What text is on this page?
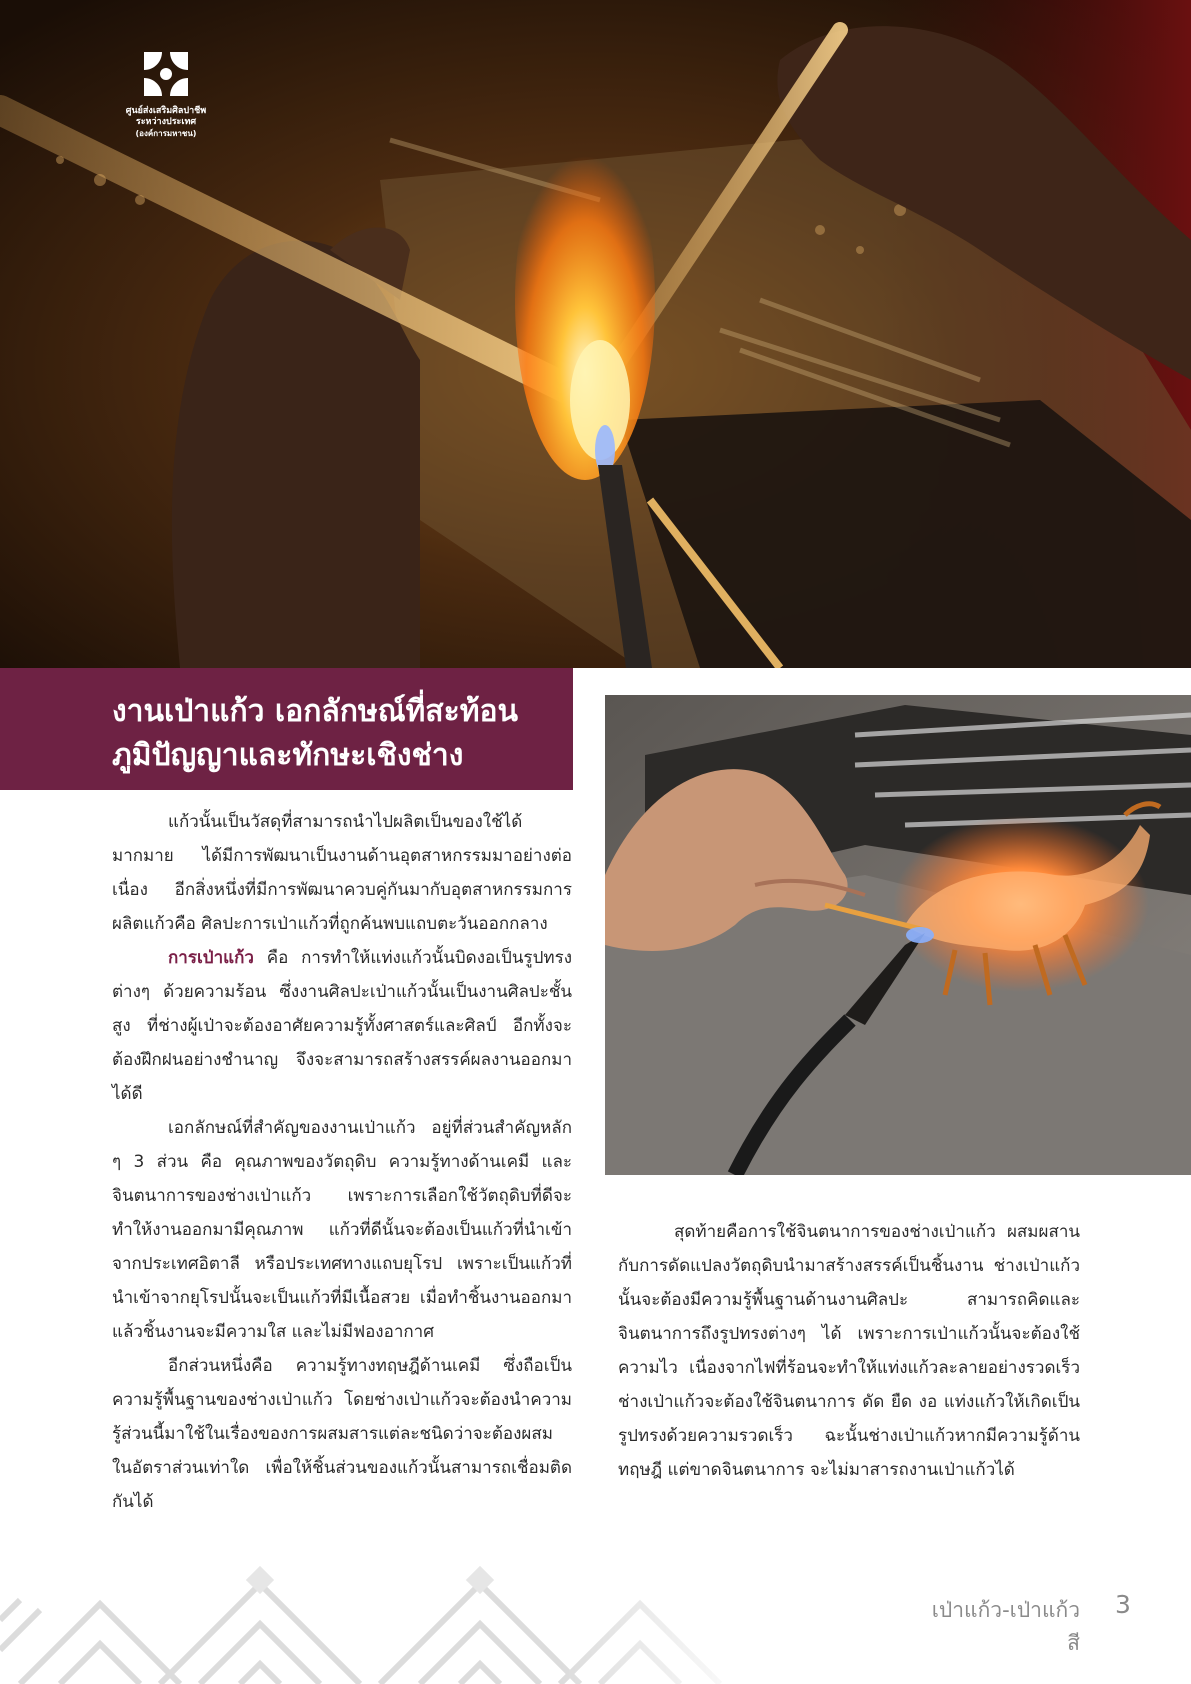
ศูนย์ส่งเสริมศิลปาชีพ
ระหว่างประเทศ
(องค์การมหาชน)
งานเป่าแก้ว เอกลักษณ์ที่สะท้อนภูมิปัญญาและทักษะเชิงช่าง

แก้วนั้นเป็นวัสดุที่สามารถนำไปผลิตเป็นของใช้ได้มากมาย ได้มีการพัฒนาเป็นงานด้านอุตสาหกรรมมาอย่างต่อเนื่อง อีกสิ่งหนึ่งที่มีการพัฒนาควบคู่กันมากับอุตสาหกรรมการผลิตแก้วคือ ศิลปะการเป่าแก้วที่ถูกค้นพบแถบตะวันออกกลาง

การเป่าแก้ว คือ การทำให้แท่งแก้วนั้นบิดงอเป็นรูปทรงต่างๆ ด้วยความร้อน ซึ่งงานศิลปะเป่าแก้วนั้นเป็นงานศิลปะชั้นสูง ที่ช่างผู้เป่าจะต้องอาศัยความรู้ทั้งศาสตร์และศิลป์ อีกทั้งจะต้องฝึกฝนอย่างชำนาญ จึงจะสามารถสร้างสรรค์ผลงานออกมาได้ดี

เอกลักษณ์ที่สำคัญของงานเป่าแก้ว อยู่ที่ส่วนสำคัญหลัก ๆ 3 ส่วน คือ คุณภาพของวัตถุดิบ ความรู้ทางด้านเคมี และ จินตนาการของช่างเป่าแก้ว เพราะการเลือกใช้วัตถุดิบที่ดีจะทำให้งานออกมามีคุณภาพ แก้วที่ดีนั้นจะต้องเป็นแก้วที่นำเข้าจากประเทศอิตาลี หรือประเทศทางแถบยุโรป เพราะเป็นแก้วที่นำเข้าจากยุโรปนั้นจะเป็นแก้วที่มีเนื้อสวย เมื่อทำชิ้นงานออกมาแล้วชิ้นงานจะมีความใส และไม่มีฟองอากาศ

อีกส่วนหนึ่งคือ ความรู้ทางทฤษฎีด้านเคมี ซึ่งถือเป็นความรู้พื้นฐานของช่างเป่าแก้ว โดยช่างเป่าแก้วจะต้องนำความรู้ส่วนนี้มาใช้ในเรื่องของการผสมสารแต่ละชนิดว่าจะต้องผสมในอัตราส่วนเท่าใด เพื่อให้ชิ้นส่วนของแก้วนั้นสามารถเชื่อมติดกันได้

สุดท้ายคือการใช้จินตนาการของช่างเป่าแก้ว ผสมผสานกับการดัดแปลงวัตถุดิบนำมาสร้างสรรค์เป็นชิ้นงาน ช่างเป่าแก้วนั้นจะต้องมีความรู้พื้นฐานด้านงานศิลปะ สามารถคิดและจินตนาการถึงรูปทรงต่างๆ ได้ เพราะการเป่าแก้วนั้นจะต้องใช้ความไว เนื่องจากไฟที่ร้อนจะทำให้แท่งแก้วละลายอย่างรวดเร็ว ช่างเป่าแก้วจะต้องใช้จินตนาการ ดัด ยืด งอ แท่งแก้วให้เกิดเป็นรูปทรงด้วยความรวดเร็ว ฉะนั้นช่างเป่าแก้วหากมีความรู้ด้านทฤษฎี แต่ขาดจินตนาการ จะไม่มาสารถงานเป่าแก้วได้

เป่าแก้ว-เป่าแก้วสี
3
